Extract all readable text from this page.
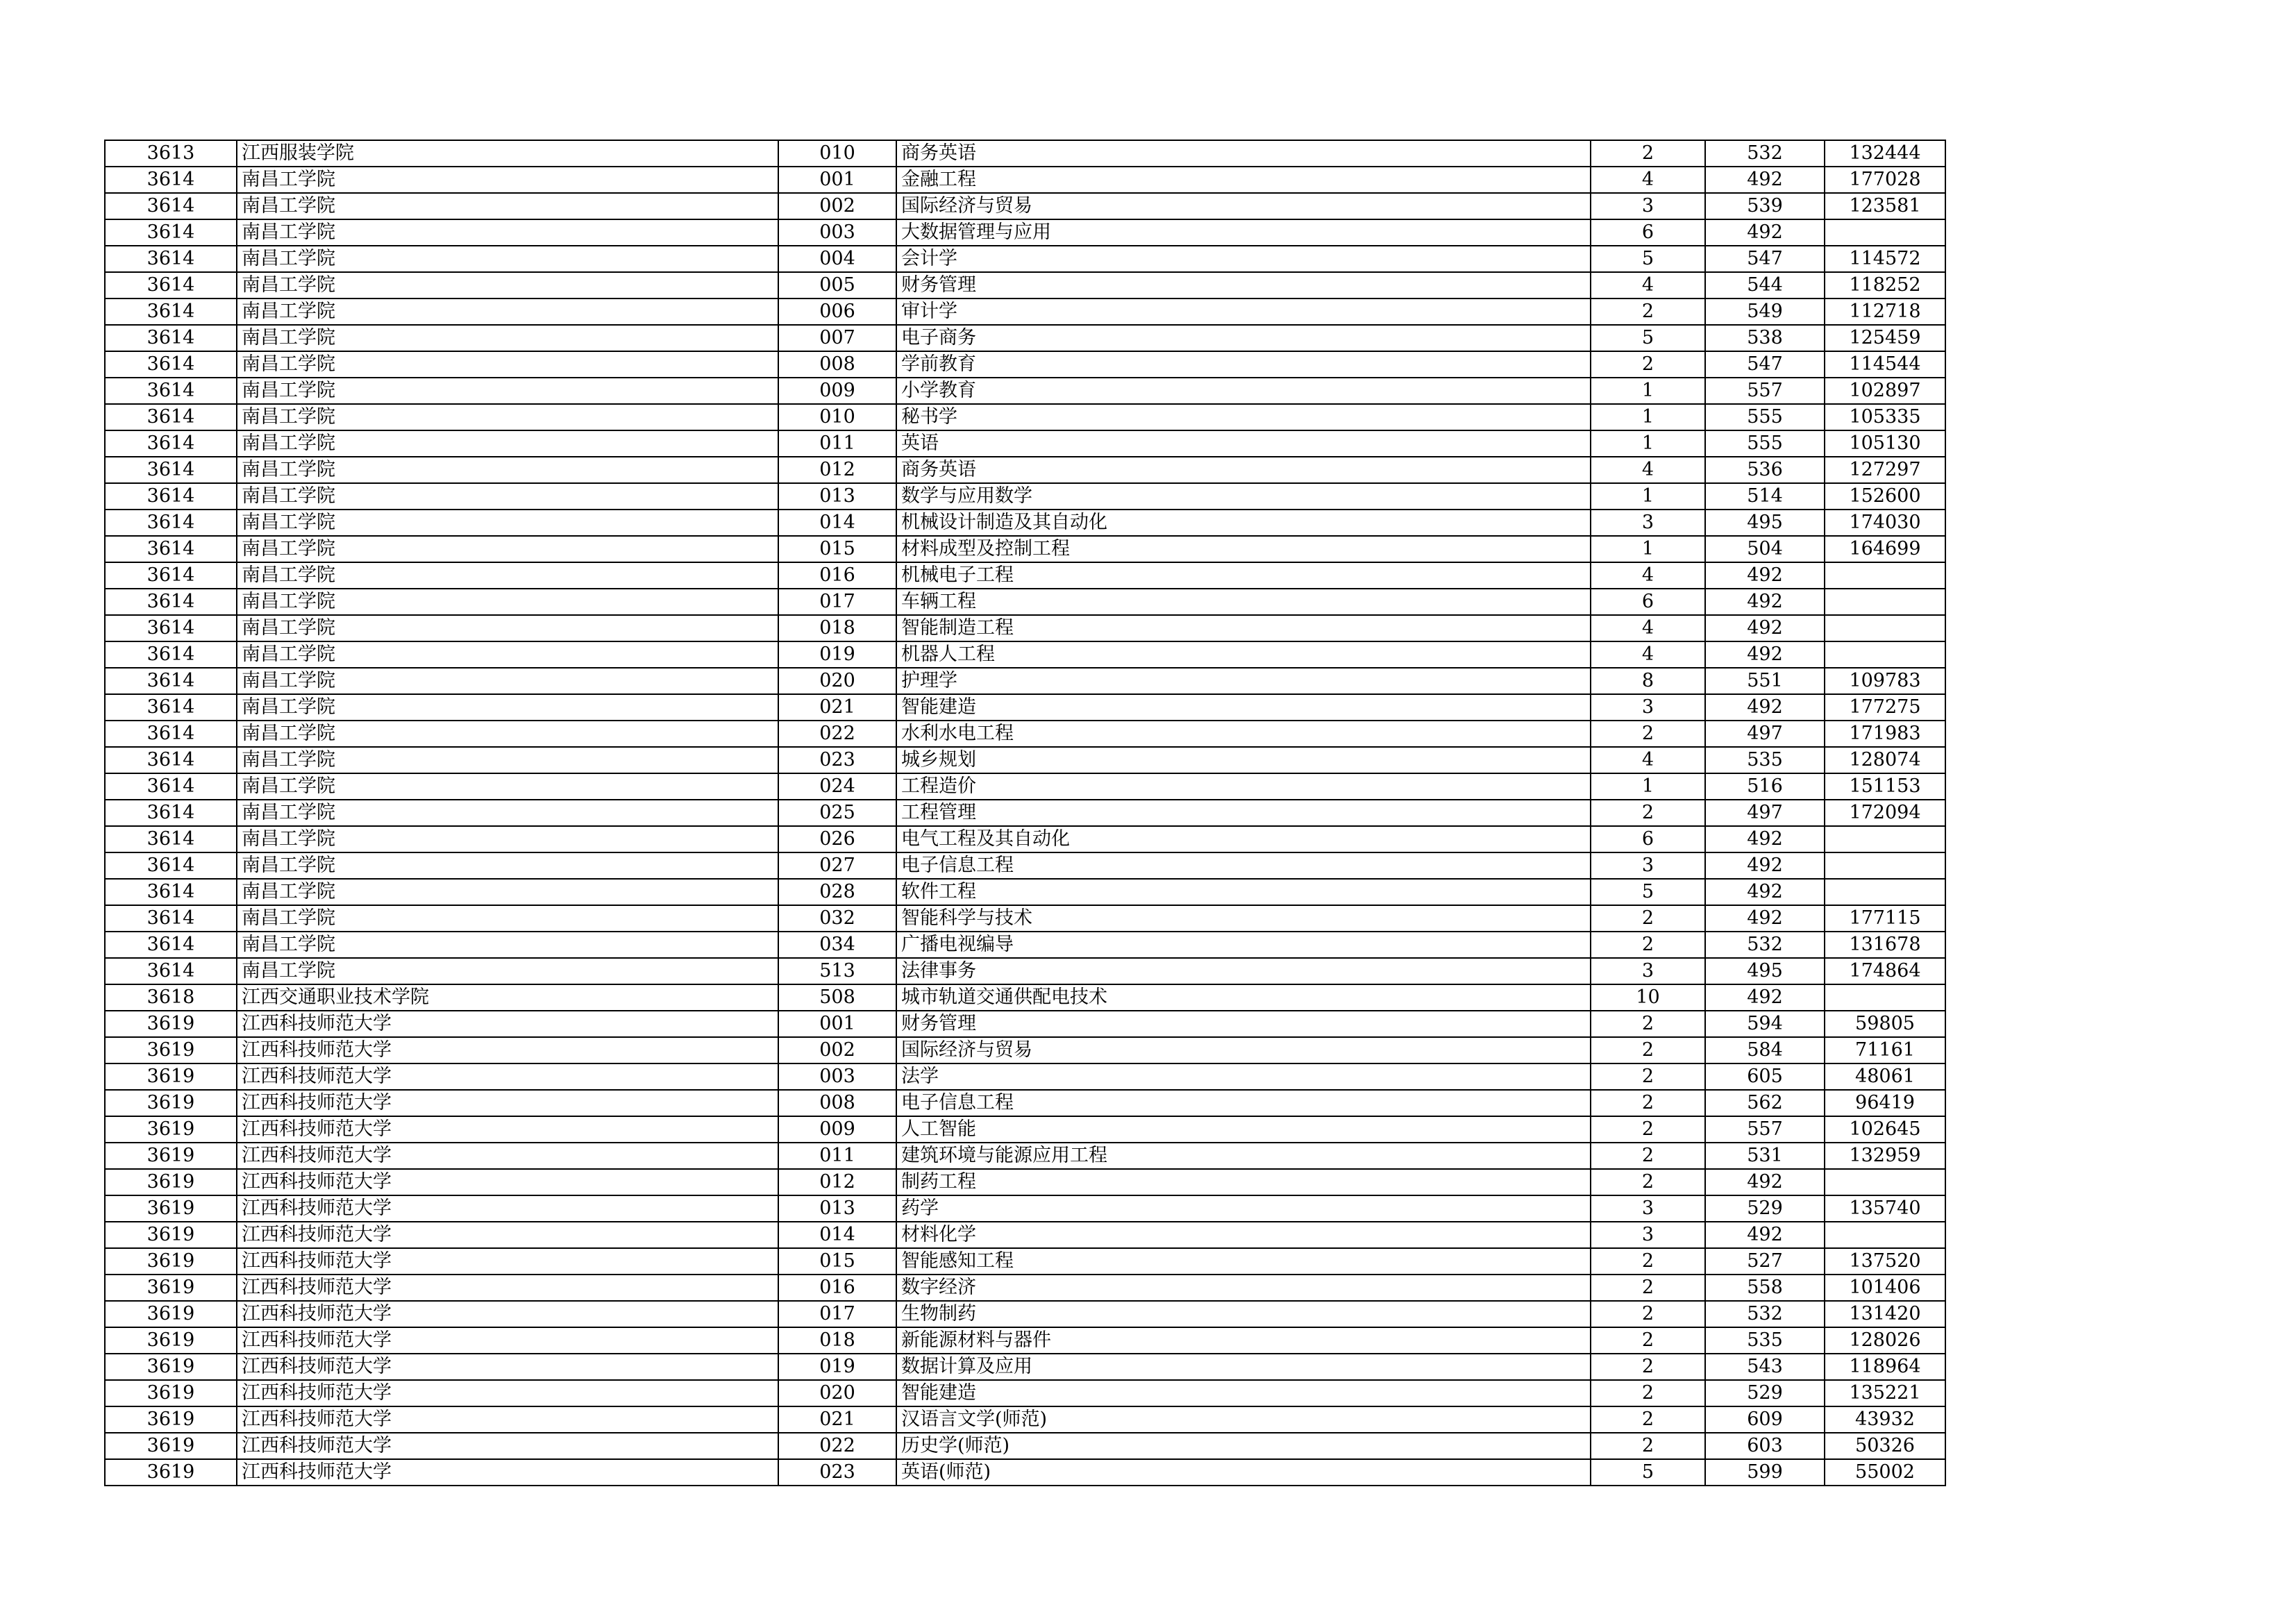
3613	江西服装学院	010	商务英语	2	532	132444
3614	南昌工学院	001	金融工程	4	492	177028
3614	南昌工学院	002	国际经济与贸易	3	539	123581
3614	南昌工学院	003	大数据管理与应用	6	492	
3614	南昌工学院	004	会计学	5	547	114572
3614	南昌工学院	005	财务管理	4	544	118252
3614	南昌工学院	006	审计学	2	549	112718
3614	南昌工学院	007	电子商务	5	538	125459
3614	南昌工学院	008	学前教育	2	547	114544
3614	南昌工学院	009	小学教育	1	557	102897
3614	南昌工学院	010	秘书学	1	555	105335
3614	南昌工学院	011	英语	1	555	105130
3614	南昌工学院	012	商务英语	4	536	127297
3614	南昌工学院	013	数学与应用数学	1	514	152600
3614	南昌工学院	014	机械设计制造及其自动化	3	495	174030
3614	南昌工学院	015	材料成型及控制工程	1	504	164699
3614	南昌工学院	016	机械电子工程	4	492	
3614	南昌工学院	017	车辆工程	6	492	
3614	南昌工学院	018	智能制造工程	4	492	
3614	南昌工学院	019	机器人工程	4	492	
3614	南昌工学院	020	护理学	8	551	109783
3614	南昌工学院	021	智能建造	3	492	177275
3614	南昌工学院	022	水利水电工程	2	497	171983
3614	南昌工学院	023	城乡规划	4	535	128074
3614	南昌工学院	024	工程造价	1	516	151153
3614	南昌工学院	025	工程管理	2	497	172094
3614	南昌工学院	026	电气工程及其自动化	6	492	
3614	南昌工学院	027	电子信息工程	3	492	
3614	南昌工学院	028	软件工程	5	492	
3614	南昌工学院	032	智能科学与技术	2	492	177115
3614	南昌工学院	034	广播电视编导	2	532	131678
3614	南昌工学院	513	法律事务	3	495	174864
3618	江西交通职业技术学院	508	城市轨道交通供配电技术	10	492	
3619	江西科技师范大学	001	财务管理	2	594	59805
3619	江西科技师范大学	002	国际经济与贸易	2	584	71161
3619	江西科技师范大学	003	法学	2	605	48061
3619	江西科技师范大学	008	电子信息工程	2	562	96419
3619	江西科技师范大学	009	人工智能	2	557	102645
3619	江西科技师范大学	011	建筑环境与能源应用工程	2	531	132959
3619	江西科技师范大学	012	制药工程	2	492	
3619	江西科技师范大学	013	药学	3	529	135740
3619	江西科技师范大学	014	材料化学	3	492	
3619	江西科技师范大学	015	智能感知工程	2	527	137520
3619	江西科技师范大学	016	数字经济	2	558	101406
3619	江西科技师范大学	017	生物制药	2	532	131420
3619	江西科技师范大学	018	新能源材料与器件	2	535	128026
3619	江西科技师范大学	019	数据计算及应用	2	543	118964
3619	江西科技师范大学	020	智能建造	2	529	135221
3619	江西科技师范大学	021	汉语言文学(师范)	2	609	43932
3619	江西科技师范大学	022	历史学(师范)	2	603	50326
3619	江西科技师范大学	023	英语(师范)	5	599	55002
